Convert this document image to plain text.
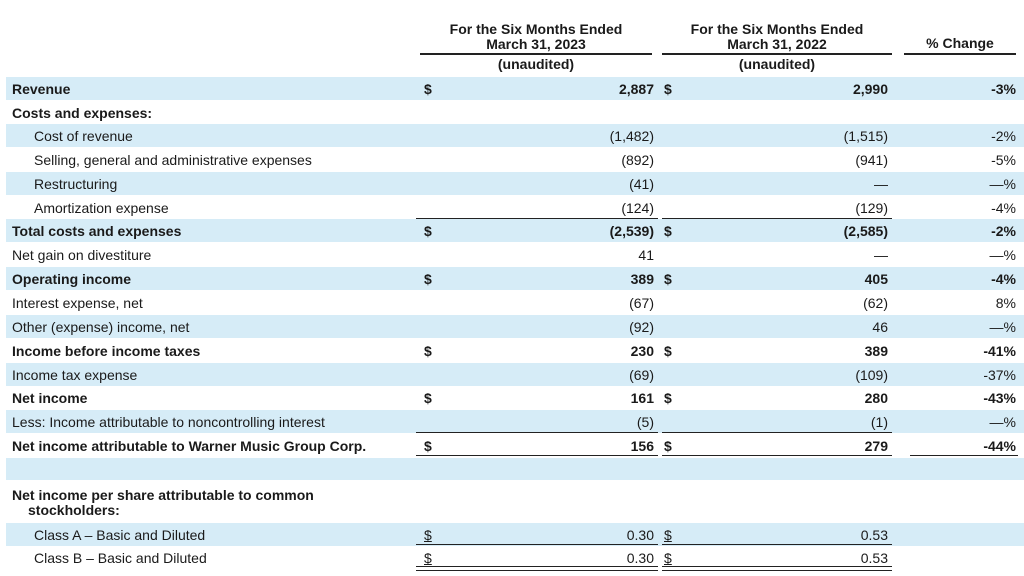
For the Six Months Ended
March 31, 2023
(unaudited)
For the Six Months Ended
March 31, 2022
(unaudited)
% Change
Revenue	$	2,887 $	2,990	-3%
Costs and expenses:
Cost of revenue	(1,482)	(1,515)	-2%
Selling, general and administrative expenses	(892)	(941)	-5%
Restructuring	(41)	—	—%
Amortization expense	(124)	(129)	-4%
Total costs and expenses	$	(2,539) $	(2,585)	-2%
Net gain on divestiture	41	—	—%
Operating income	$	389 $	405	-4%
Interest expense, net	(67)	(62)	8%
Other (expense) income, net	(92)	46	—%
Income before income taxes	$	230 $	389	-41%
Income tax expense	(69)	(109)	-37%
Net income	$	161 $	280	-43%
Less: Income attributable to noncontrolling interest	(5)	(1)	—%
Net income attributable to Warner Music Group Corp.	$	156 $	279	-44%
Net income per share attributable to common
stockholders:
Class A – Basic and Diluted	$	0.30 $	0.53
Class B – Basic and Diluted	$	0.30 $	0.53
